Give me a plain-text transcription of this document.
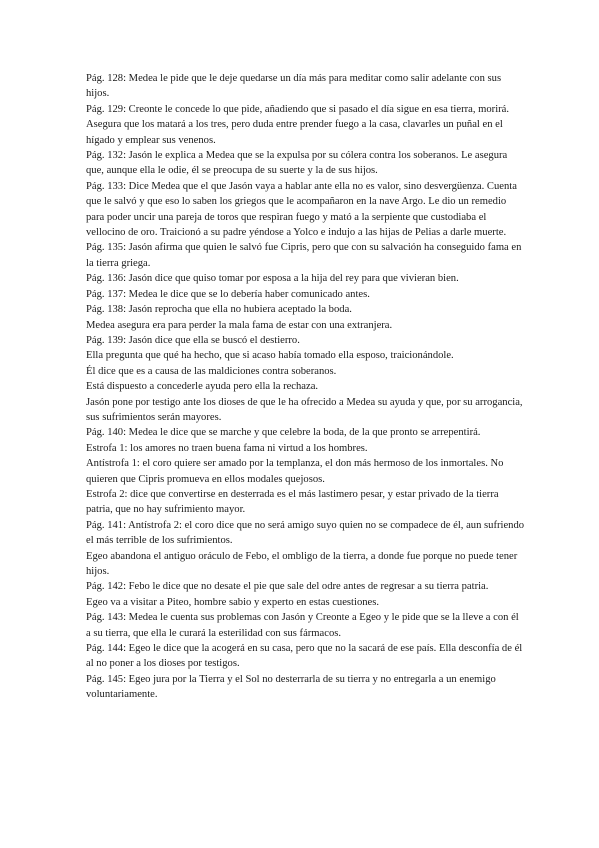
Pág. 128: Medea le pide que le deje quedarse un día más para meditar como salir adelante con sus hijos.

Pág. 129: Creonte le concede lo que pide, añadiendo que si pasado el día sigue en esa tierra, morirá.

Asegura que los matará a los tres, pero duda entre prender fuego a la casa, clavarles un puñal en el hígado y emplear sus venenos.

Pág. 132: Jasón le explica a Medea que se la expulsa por su cólera contra los soberanos. Le asegura que, aunque ella le odie, él se preocupa de su suerte y la de sus hijos.

Pág. 133: Dice Medea que el que Jasón vaya a hablar ante ella no es valor, sino desvergüenza. Cuenta que le salvó y que eso lo saben los griegos que le acompañaron en la nave Argo. Le dio un remedio para poder uncir una pareja de toros que respiran fuego y mató a la serpiente que custodiaba el vellocino de oro. Traicionó a su padre yéndose a Yolco e indujo a las hijas de Pelias a darle muerte.

Pág. 135: Jasón afirma que quien le salvó fue Cipris, pero que con su salvación ha conseguido fama en la tierra griega.

Pág. 136: Jasón dice que quiso tomar por esposa a la hija del rey para que vivieran bien.

Pág. 137: Medea le dice que se lo debería haber comunicado antes.

Pág. 138: Jasón reprocha que ella no hubiera aceptado la boda.

Medea asegura era para perder la mala fama de estar con una extranjera.

Pág. 139: Jasón dice que ella se buscó el destierro.

Ella pregunta que qué ha hecho, que si acaso había tomado ella esposo, traicionándole.

Él dice que es a causa de las maldiciones contra soberanos.

Está dispuesto a concederle ayuda pero ella la rechaza.

Jasón pone por testigo ante los dioses de que le ha ofrecido a Medea su ayuda y que, por su arrogancia, sus sufrimientos serán mayores.

Pág. 140: Medea le dice que se marche y que celebre la boda, de la que pronto se arrepentirá.

Estrofa 1: los amores no traen buena fama ni virtud a los hombres.

Antístrofa 1: el coro quiere ser amado por la templanza, el don más hermoso de los inmortales. No quieren que Cipris promueva en ellos modales quejosos.

Estrofa 2: dice que convertirse en desterrada es el más lastimero pesar, y estar privado de la tierra patria, que no hay sufrimiento mayor.

Pág. 141: Antístrofa 2: el coro dice que no será amigo suyo quien no se compadece de él, aun sufriendo el más terrible de los sufrimientos.

Egeo abandona el antiguo oráculo de Febo, el ombligo de la tierra, a donde fue porque no puede tener hijos.

Pág. 142: Febo le dice que no desate el pie que sale del odre antes de regresar a su tierra patria.

Egeo va a visitar a Piteo, hombre sabio y experto en estas cuestiones.

Pág. 143: Medea le cuenta sus problemas con Jasón y Creonte a Egeo y le pide que se la lleve a con él a su tierra, que ella le curará la esterilidad con sus fármacos.

Pág. 144: Egeo le dice que la acogerá en su casa, pero que no la sacará de ese país. Ella desconfía de él al no poner a los dioses por testigos.

Pág. 145: Egeo jura por la Tierra y el Sol no desterrarla de su tierra y no entregarla a un enemigo voluntariamente.
